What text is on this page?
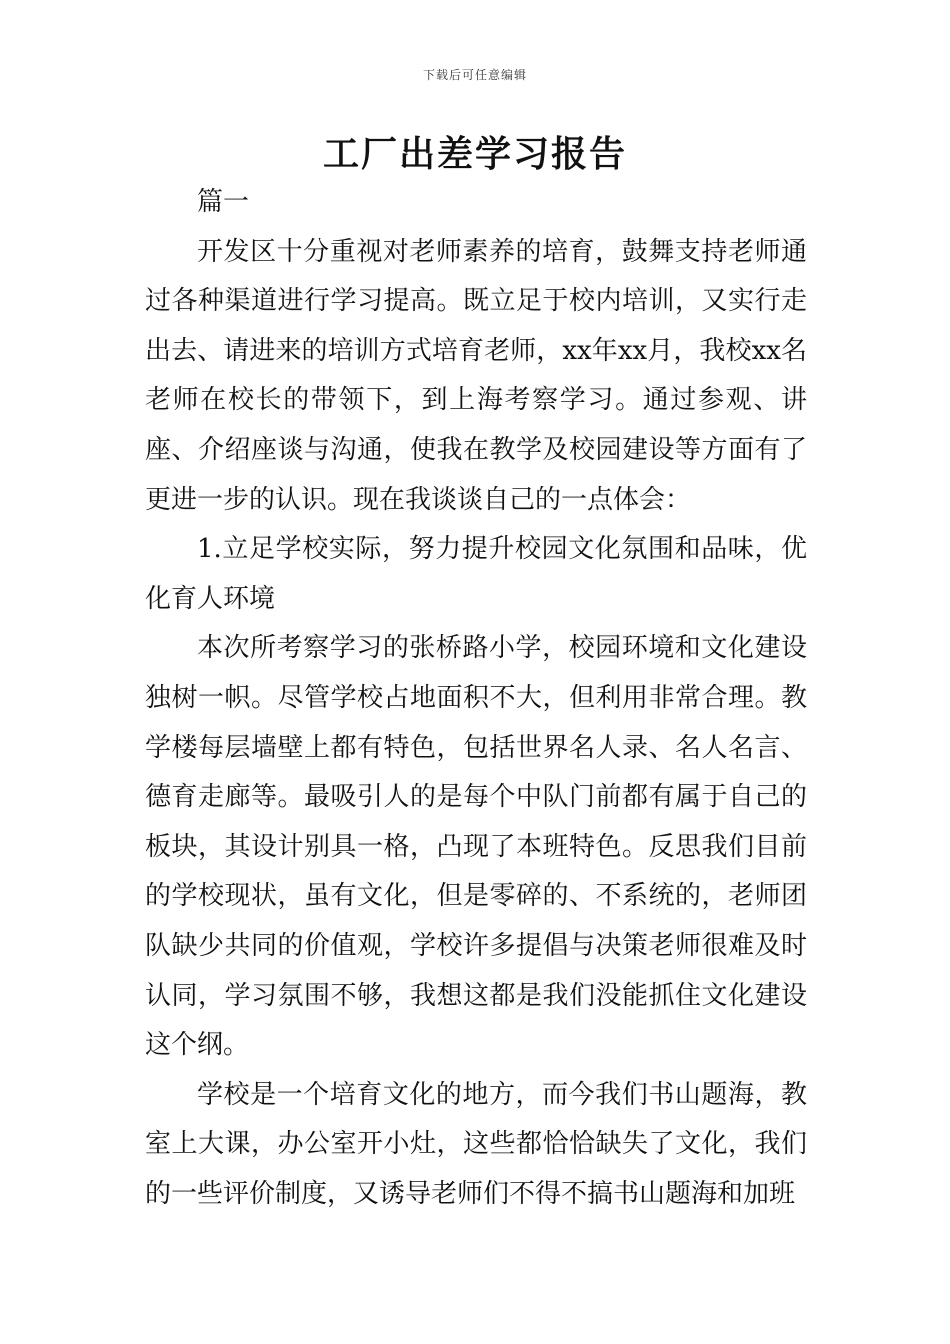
下载后可任意编辑
工厂出差学习报告

篇一

开发区十分重视对老师素养的培育，鼓舞支持老师通过各种渠道进行学习提高。既立足于校内培训，又实行走出去、请进来的培训方式培育老师，xx年xx月，我校xx名老师在校长的带领下，到上海考察学习。通过参观、讲座、介绍座谈与沟通，使我在教学及校园建设等方面有了更进一步的认识。现在我谈谈自己的一点体会：

1.立足学校实际，努力提升校园文化氛围和品味，优化育人环境

本次所考察学习的张桥路小学，校园环境和文化建设独树一帜。尽管学校占地面积不大，但利用非常合理。教学楼每层墙壁上都有特色，包括世界名人录、名人名言、德育走廊等。最吸引人的是每个中队门前都有属于自己的板块，其设计别具一格，凸现了本班特色。反思我们目前的学校现状，虽有文化，但是零碎的、不系统的，老师团队缺少共同的价值观，学校许多提倡与决策老师很难及时认同，学习氛围不够，我想这都是我们没能抓住文化建设这个纲。

学校是一个培育文化的地方，而今我们书山题海，教室上大课，办公室开小灶，这些都恰恰缺失了文化，我们的一些评价制度，又诱导老师们不得不搞书山题海和加班
